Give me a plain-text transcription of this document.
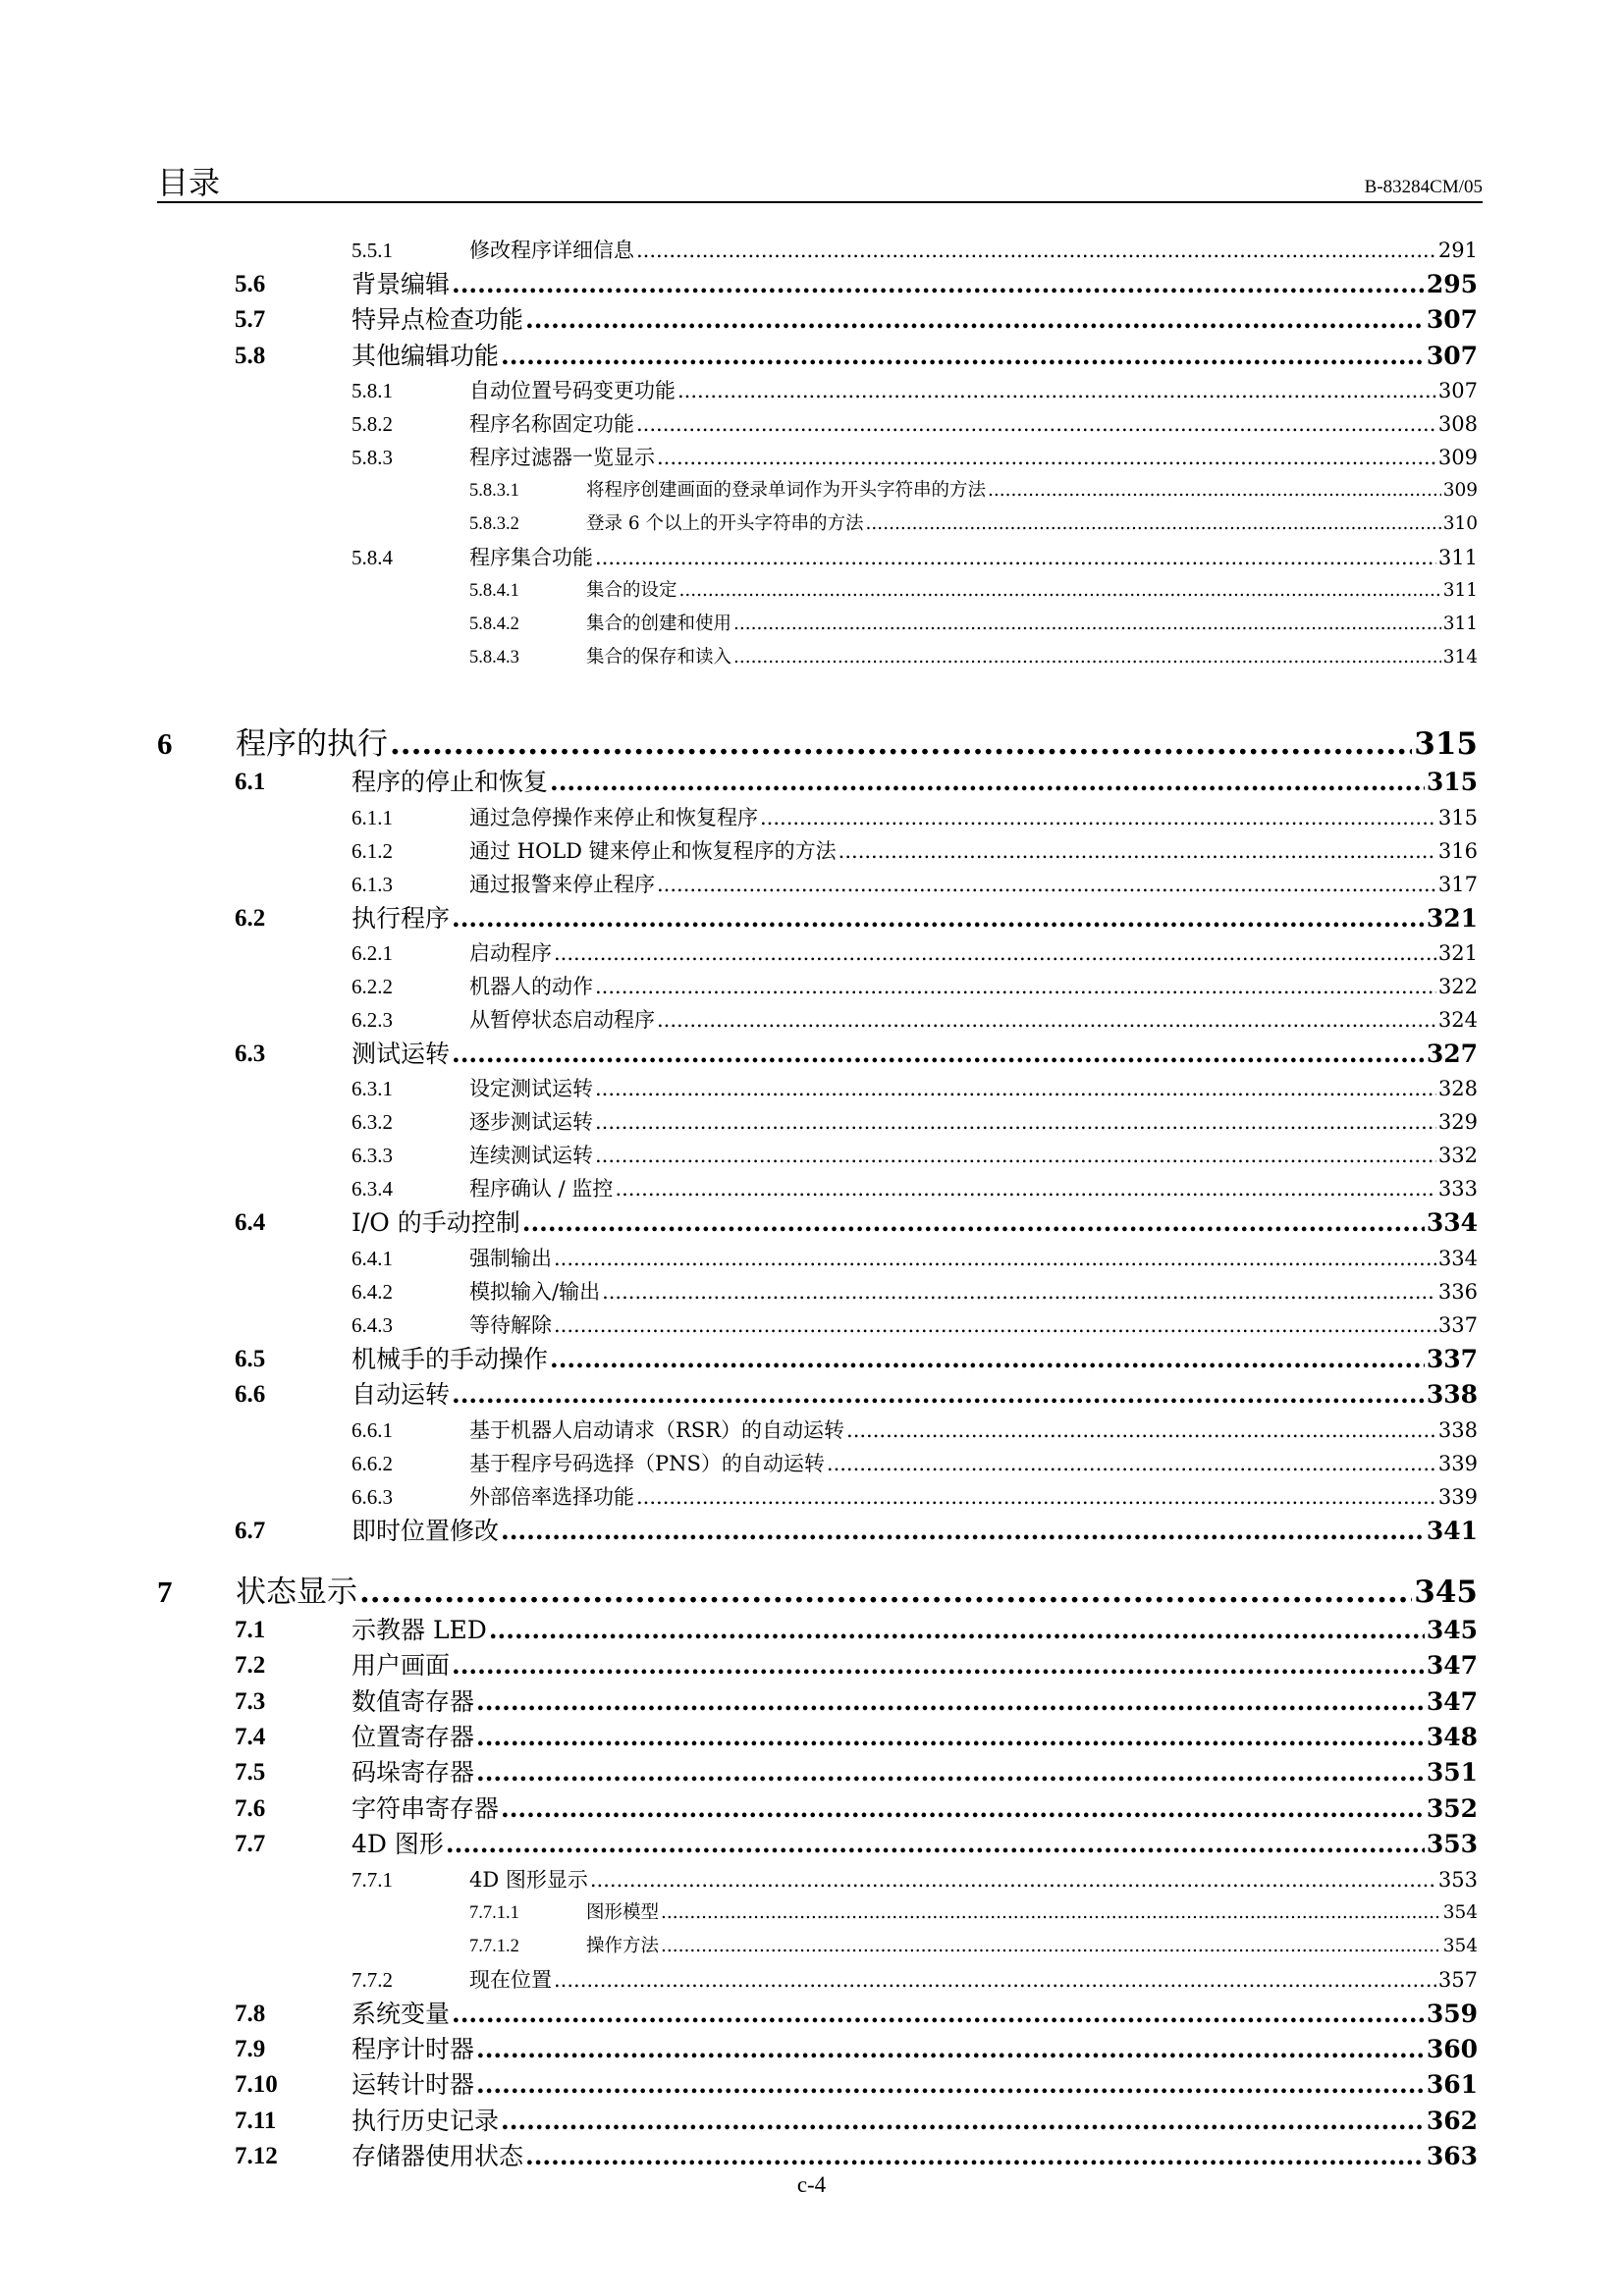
目录	B-83284CM/05
5.5.1	修改程序详细信息 .....	291
5.6	背景编辑 .....	295
5.7	特异点检查功能 .....	307
5.8	其他编辑功能 .....	307
5.8.1	自动位置号码变更功能 .....	307
5.8.2	程序名称固定功能 .....	308
5.8.3	程序过滤器一览显示 .....	309
5.8.3.1	将程序创建画面的登录单词作为开头字符串的方法 .....	309
5.8.3.2	登录 6 个以上的开头字符串的方法 .....	310
5.8.4	程序集合功能 .....	311
5.8.4.1	集合的设定 .....	311
5.8.4.2	集合的创建和使用 .....	311
5.8.4.3	集合的保存和读入 .....	314
6 程序的执行 .....	315
6.1	程序的停止和恢复 .....	315
6.1.1	通过急停操作来停止和恢复程序 .....	315
6.1.2	通过 HOLD 键来停止和恢复程序的方法 .....	316
6.1.3	通过报警来停止程序 .....	317
6.2	执行程序 .....	321
6.2.1	启动程序 .....	321
6.2.2	机器人的动作 .....	322
6.2.3	从暂停状态启动程序 .....	324
6.3	测试运转 .....	327
6.3.1	设定测试运转 .....	328
6.3.2	逐步测试运转 .....	329
6.3.3	连续测试运转 .....	332
6.3.4	程序确认 / 监控 .....	333
6.4	I/O 的手动控制 .....	334
6.4.1	强制输出 .....	334
6.4.2	模拟输入/输出 .....	336
6.4.3	等待解除 .....	337
6.5	机械手的手动操作 .....	337
6.6	自动运转 .....	338
6.6.1	基于机器人启动请求（RSR）的自动运转 .....	338
6.6.2	基于程序号码选择（PNS）的自动运转 .....	339
6.6.3	外部倍率选择功能 .....	339
6.7	即时位置修改 .....	341
7 状态显示 .....	345
7.1	示教器 LED .....	345
7.2	用户画面 .....	347
7.3	数值寄存器 .....	347
7.4	位置寄存器 .....	348
7.5	码垛寄存器 .....	351
7.6	字符串寄存器 .....	352
7.7	4D 图形 .....	353
7.7.1	4D 图形显示 .....	353
7.7.1.1	图形模型 .....	354
7.7.1.2	操作方法 .....	354
7.7.2	现在位置 .....	357
7.8	系统变量 .....	359
7.9	程序计时器 .....	360
7.10	运转计时器 .....	361
7.11	执行历史记录 .....	362
7.12	存储器使用状态 .....	363
c-4
